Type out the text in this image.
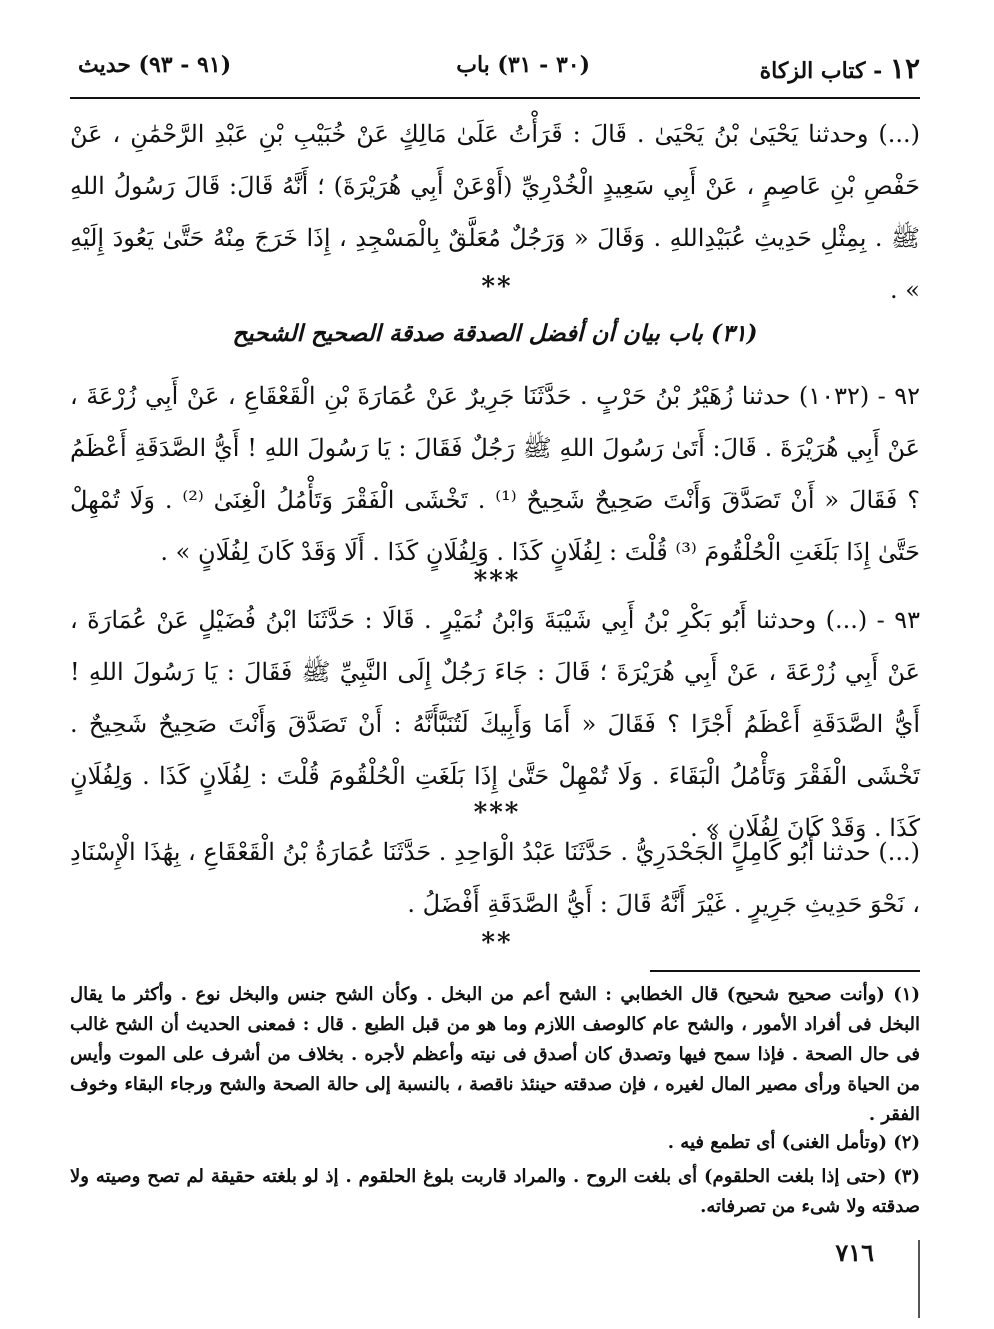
١٢ - كتاب الزكاة
(٣٠ - ٣١) باب
(٩١ - ٩٣) حديث
(...) وحدثنا يَحْيَىٰ بْنُ يَحْيَىٰ . قَالَ : قَرَأْتُ عَلَىٰ مَالِكٍ عَنْ خُبَيْبِ بْنِ عَبْدِ الرَّحْمَٰنِ ، عَنْ حَفْصِ بْنِ عَاصِمٍ ، عَنْ أَبِي سَعِيدٍ الْخُدْرِيِّ (أَوْعَنْ أَبِي هُرَيْرَةَ) ؛ أَنَّهُ قَالَ: قَالَ رَسُولُ اللهِ ﷺ . بِمِثْلِ حَدِيثِ عُبَيْدِاللهِ . وَقَالَ « وَرَجُلٌ مُعَلَّقٌ بِالْمَسْجِدِ ، إِذَا خَرَجَ مِنْهُ حَتَّىٰ يَعُودَ إِلَيْهِ » .
**
(٣١) باب بيان أن أفضل الصدقة صدقة الصحيح الشحيح
٩٢ - (١٠٣٢) حدثنا زُهَيْرُ بْنُ حَرْبٍ . حَدَّثَنَا جَرِيرٌ عَنْ عُمَارَةَ بْنِ الْقَعْقَاعِ ، عَنْ أَبِي زُرْعَةَ ، عَنْ أَبِي هُرَيْرَةَ . قَالَ: أَتَىٰ رَسُولَ اللهِ ﷺ رَجُلٌ فَقَالَ : يَا رَسُولَ اللهِ ! أَيُّ الصَّدَقَةِ أَعْظَمُ ؟ فَقَالَ « أَنْ تَصَدَّقَ وَأَنْتَ صَحِيحٌ شَحِيحٌ ⁽¹⁾ . تَخْشَى الْفَقْرَ وَتَأْمُلُ الْغِنَىٰ ⁽²⁾ . وَلَا تُمْهِلْ حَتَّىٰ إِذَا بَلَغَتِ الْحُلْقُومَ ⁽³⁾ قُلْتَ : لِفُلَانٍ كَذَا . وَلِفُلَانٍ كَذَا . أَلَا وَقَدْ كَانَ لِفُلَانٍ » .
***
٩٣ - (...) وحدثنا أَبُو بَكْرِ بْنُ أَبِي شَيْبَةَ وَابْنُ نُمَيْرٍ . قَالَا : حَدَّثَنَا ابْنُ فُضَيْلٍ عَنْ عُمَارَةَ ، عَنْ أَبِي زُرْعَةَ ، عَنْ أَبِي هُرَيْرَةَ ؛ قَالَ : جَاءَ رَجُلٌ إِلَى النَّبِيِّ ﷺ فَقَالَ : يَا رَسُولَ اللهِ ! أَيُّ الصَّدَقَةِ أَعْظَمُ أَجْرًا ؟ فَقَالَ « أَمَا وَأَبِيكَ لَتُنَبَّأَنَّهُ : أَنْ تَصَدَّقَ وَأَنْتَ صَحِيحٌ شَحِيحٌ . تَخْشَى الْفَقْرَ وَتَأْمُلُ الْبَقَاءَ . وَلَا تُمْهِلْ حَتَّىٰ إِذَا بَلَغَتِ الْحُلْقُومَ قُلْتَ : لِفُلَانٍ كَذَا . وَلِفُلَانٍ كَذَا . وَقَدْ كَانَ لِفُلَانٍ » .
***
(...) حدثنا أَبُو كَامِلٍ الْجَحْدَرِيُّ . حَدَّثَنَا عَبْدُ الْوَاحِدِ . حَدَّثَنَا عُمَارَةُ بْنُ الْقَعْقَاعِ ، بِهَٰذَا الْإِسْنَادِ ، نَحْوَ حَدِيثِ جَرِيرٍ . غَيْرَ أَنَّهُ قَالَ : أَيُّ الصَّدَقَةِ أَفْضَلُ .
**
(١) (وأنت صحيح شحيح) قال الخطابي : الشح أعم من البخل . وكأن الشح جنس والبخل نوع . وأكثر ما يقال البخل فى أفراد الأمور ، والشح عام كالوصف اللازم وما هو من قبل الطبع . قال : فمعنى الحديث أن الشح غالب فى حال الصحة . فإذا سمح فيها وتصدق كان أصدق فى نيته وأعظم لأجره . بخلاف من أشرف على الموت وأيس من الحياة ورأى مصير المال لغيره ، فإن صدقته حينئذ ناقصة ، بالنسبة إلى حالة الصحة والشح ورجاء البقاء وخوف الفقر .
(٢) (وتأمل الغنى) أى تطمع فيه .
(٣) (حتى إذا بلغت الحلقوم) أى بلغت الروح . والمراد قاربت بلوغ الحلقوم . إذ لو بلغته حقيقة لم تصح وصيته ولا صدقته ولا شىء من تصرفاته.
٧١٦
